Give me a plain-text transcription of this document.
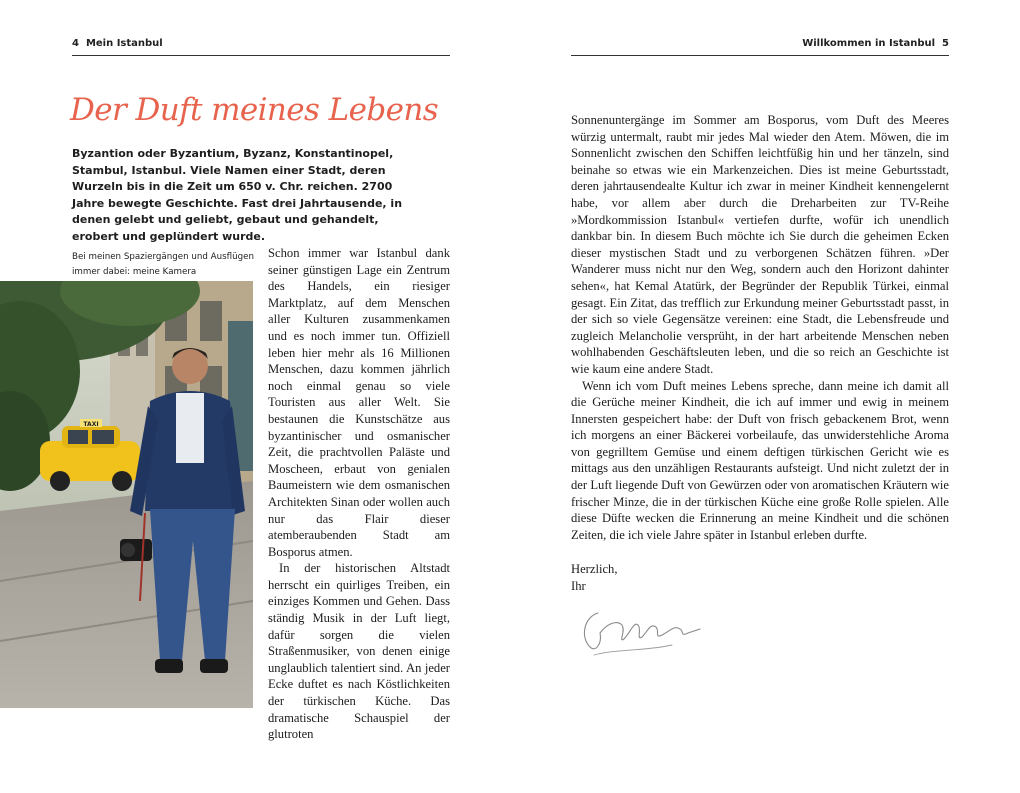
4 Mein Istanbul
Der Duft meines Lebens

Byzantion oder Byzantium, Byzanz, Konstantinopel, Stambul, Istanbul. Viele Namen einer Stadt, deren Wurzeln bis in die Zeit um 650 v. Chr. reichen. 2700 Jahre bewegte Geschichte. Fast drei Jahrtausende, in denen gelebt und geliebt, gebaut und gehandelt, erobert und geplündert wurde.

Bei meinen Spaziergängen und Ausflügen immer dabei: meine Kamera

TAXI

Schon immer war Istanbul dank seiner günstigen Lage ein Zentrum des Handels, ein riesiger Marktplatz, auf dem Menschen aller Kulturen zusammenkamen und es noch immer tun. Offiziell leben hier mehr als 16 Millionen Menschen, dazu kommen jährlich noch einmal genau so viele Touristen aus aller Welt. Sie bestaunen die Kunstschätze aus byzantinischer und osmanischer Zeit, die prachtvollen Paläste und Moscheen, erbaut von genialen Baumeistern wie dem osmanischen Architekten Sinan oder wollen auch nur das Flair dieser atemberaubenden Stadt am Bosporus atmen.

In der historischen Altstadt herrscht ein quirliges Treiben, ein einziges Kommen und Gehen. Dass ständig Musik in der Luft liegt, dafür sorgen die vielen Straßenmusiker, von denen einige unglaublich talentiert sind. An jeder Ecke duftet es nach Köstlichkeiten der türkischen Küche. Das dramatische Schauspiel der glutroten

Willkommen in Istanbul 5

Sonnenuntergänge im Sommer am Bosporus, vom Duft des Meeres würzig untermalt, raubt mir jedes Mal wieder den Atem. Möwen, die im Sonnenlicht zwischen den Schiffen leichtfüßig hin und her tänzeln, sind beinahe so etwas wie ein Markenzeichen. Dies ist meine Geburtsstadt, deren jahrtausendealte Kultur ich zwar in meiner Kindheit kennengelernt habe, vor allem aber durch die Dreharbeiten zur TV-Reihe »Mordkommission Istanbul« vertiefen durfte, wofür ich unendlich dankbar bin. In diesem Buch möchte ich Sie durch die geheimen Ecken dieser mystischen Stadt und zu verborgenen Schätzen führen. »Der Wanderer muss nicht nur den Weg, sondern auch den Horizont dahinter sehen«, hat Kemal Atatürk, der Begründer der Republik Türkei, einmal gesagt. Ein Zitat, das trefflich zur Erkundung meiner Geburtsstadt passt, in der sich so viele Gegensätze vereinen: eine Stadt, die Lebensfreude und zugleich Melancholie versprüht, in der hart arbeitende Menschen neben wohlhabenden Geschäftsleuten leben, und die so reich an Geschichte ist wie kaum eine andere Stadt.

Wenn ich vom Duft meines Lebens spreche, dann meine ich damit all die Gerüche meiner Kindheit, die ich auf immer und ewig in meinem Innersten gespeichert habe: der Duft von frisch gebackenem Brot, wenn ich morgens an einer Bäckerei vorbeilaufe, das unwiderstehliche Aroma von gegrilltem Gemüse und einem deftigen türkischen Gericht wie es mittags aus den unzähligen Restaurants aufsteigt. Und nicht zuletzt der in der Luft liegende Duft von Gewürzen oder von aromatischen Kräutern wie frischer Minze, die in der türkischen Küche eine große Rolle spielen. Alle diese Düfte wecken die Erinnerung an meine Kindheit und die schönen Zeiten, die ich viele Jahre später in Istanbul erleben durfte.

Herzlich,

Ihr
